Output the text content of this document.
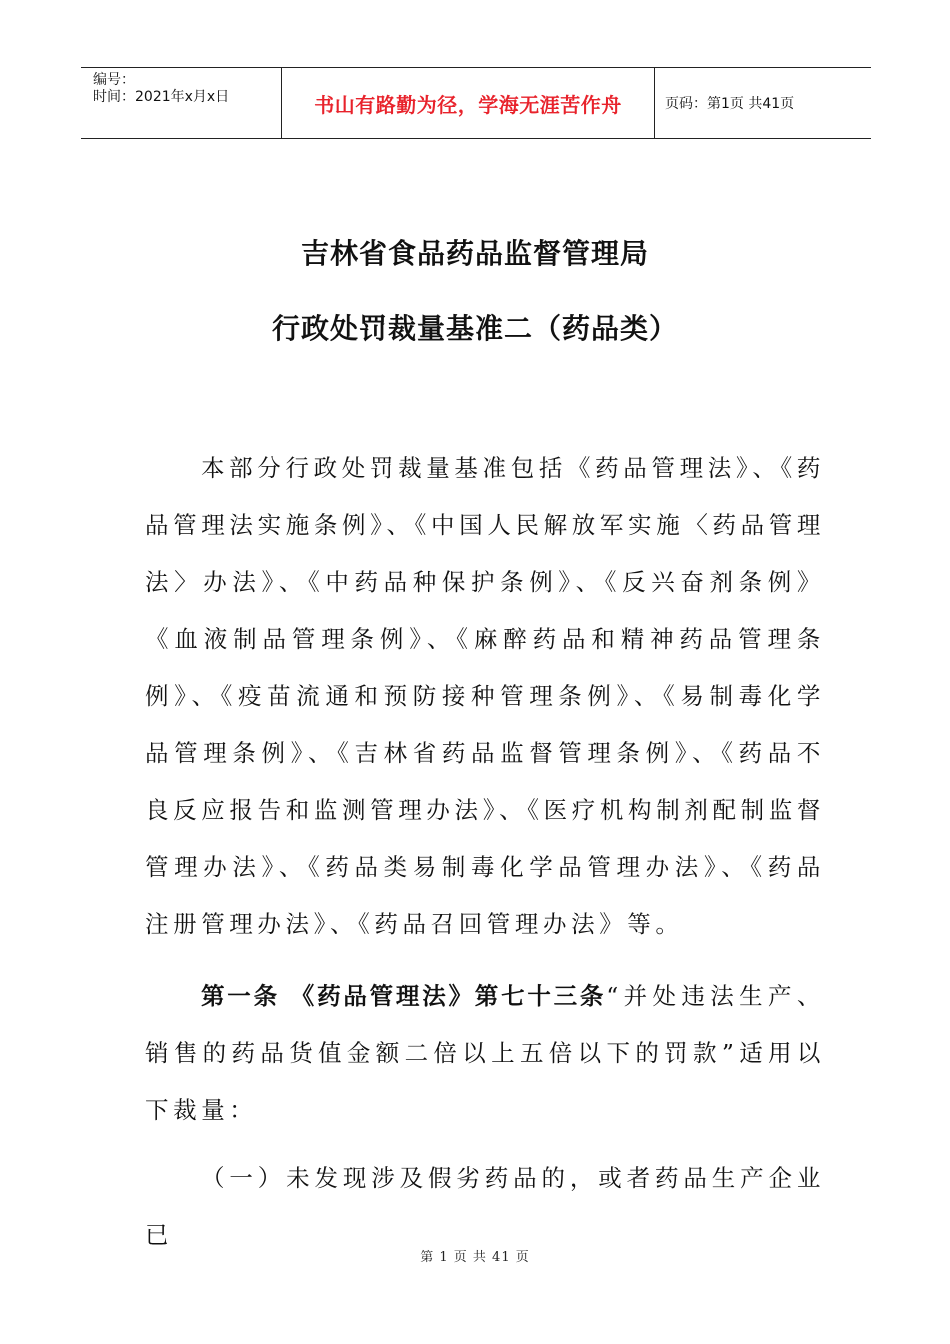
编号：
时间：2021年x月x日	书山有路勤为径，学海无涯苦作舟	页码：第1页 共41页
吉林省食品药品监督管理局
行政处罚裁量基准二（药品类）
本部分行政处罚裁量基准包括《药品管理法》、《药品管理法实施条例》、《中国人民解放军实施〈药品管理法〉办法》、《中药品种保护条例》、《反兴奋剂条例》《血液制品管理条例》、《麻醉药品和精神药品管理条例》、《疫苗流通和预防接种管理条例》、《易制毒化学品管理条例》、《吉林省药品监督管理条例》、《药品不良反应报告和监测管理办法》、《医疗机构制剂配制监督管理办法》、《药品类易制毒化学品管理办法》、《药品注册管理办法》、《药品召回管理办法》等。
第一条 《药品管理法》第七十三条“并处违法生产、销售的药品货值金额二倍以上五倍以下的罚款”适用以下裁量：
（一）未发现涉及假劣药品的，或者药品生产企业已
第 1 页 共 41 页
